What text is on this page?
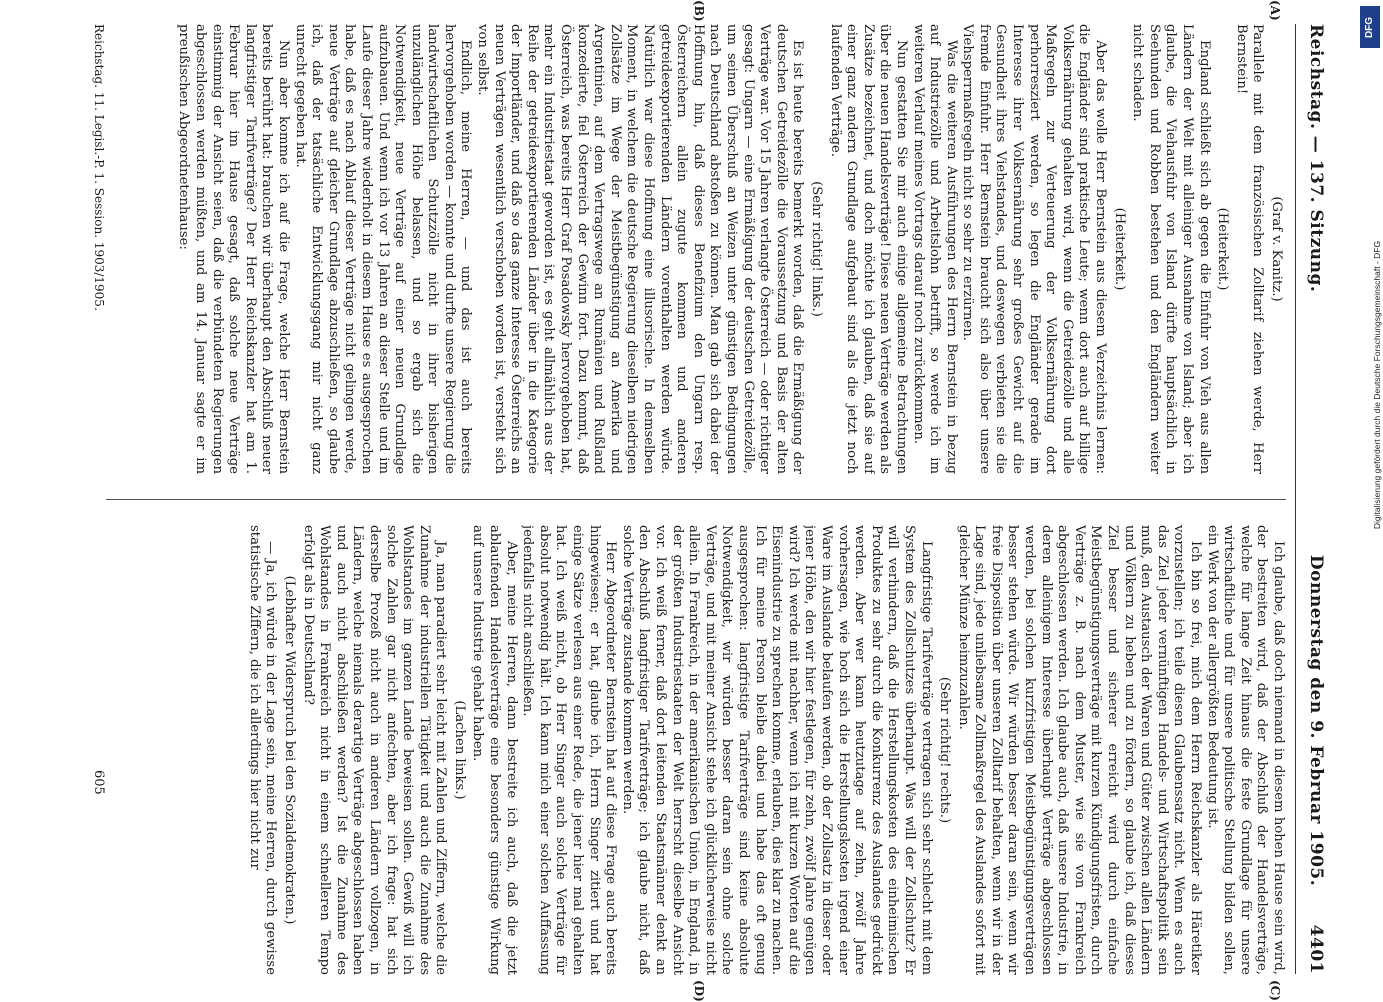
DFG
Digitalisierung gefördert durch die Deutsche Forschungsgemeinschaft - DFG
Reichstag. — 137. Sitzung.
Donnerstag den 9. Februar 1905.      4401
(A)
(B)
(C)
(D)

(Graf v. Kanitz.)

Parallele mit dem französischen Zolltarif ziehen werde, Herr Bernstein!

(Heiterkeit.)

England schließt sich ab gegen die Einfuhr von Vieh aus allen Ländern der Welt mit alleiniger Ausnahme von Island; aber ich glaube, die Viehausfuhr von Island dürfte hauptsächlich in Seehunden und Robben bestehen und den Engländern weiter nicht schaden.

(Heiterkeit.)

Aber das wolle Herr Bernstein aus diesem Verzeichnis lernen: die Engländer sind praktische Leute; wenn dort auch auf billige Volksernährung gehalten wird, wenn die Getreidezölle und alle Maßregeln zur Verteuerung der Volksernährung dort perhorresziert werden, so legen die Engländer gerade im Interesse ihrer Volksernährung sehr großes Gewicht auf die Gesundheit ihres Viehstandes, und deswegen verbieten sie die fremde Einfuhr. Herr Bernstein braucht sich also über unsere Viehsperrmaßregeln nicht so sehr zu erzürnen.

Was die weiteren Ausführungen des Herrn Bernstein in bezug auf Industriezölle und Arbeitslohn betrifft, so werde ich im weiteren Verlauf meines Vortrags darauf noch zurückkommen.

Nun gestatten Sie mir auch einige allgemeine Betrachtungen über die neuen Handelsverträge! Diese neuen Verträge werden als Zusätze bezeichnet, und doch möchte ich glauben, daß sie auf einer ganz andern Grundlage aufgebaut sind als die jetzt noch laufenden Verträge.

(Sehr richtig! links.)

Es ist heute bereits bemerkt worden, daß die Ermäßigung der deutschen Getreidezölle die Voraussetzung und Basis der alten Verträge war. Vor 15 Jahren verlangte Österreich — oder richtiger gesagt: Ungarn — eine Ermäßigung der deutschen Getreidezölle, um seinen Überschuß an Weizen unter günstigen Bedingungen nach Deutschland abstoßen zu können. Man gab sich dabei der Hoffnung hin, daß dieses Benefizium den Ungarn resp. Österreichern allein zugute kommen und anderen getreideexportierenden Ländern vorenthalten werden würde. Natürlich war diese Hoffnung eine illusorische. In demselben Moment, in welchem die deutsche Regierung dieselben niedrigen Zollsätze im Wege der Meistbegünstigung an Amerika und Argentinien, auf dem Vertragswege an Rumänien und Rußland konzedierte, fiel Österreich der Gewinn fort. Dazu kommt, daß Österreich, was bereits Herr Graf Posadowsky hervorgehoben hat, mehr ein Industriestaat geworden ist, es geht allmählich aus der Reihe der getreideexportierenden Länder über in die Kategorie der Importländer, und daß so das ganze Interesse Österreichs an neuen Verträgen wesentlich verschoben worden ist, versteht sich von selbst.

Endlich, meine Herren, — und das ist auch bereits hervorgehoben worden — konnte und durfte unsere Regierung die landwirtschaftlichen Schutzzölle nicht in ihrer bisherigen unzulänglichen Höhe belassen, und so ergab sich die Notwendigkeit, neue Verträge auf einer neuen Grundlage aufzubauen. Und wenn ich vor 13 Jahren an dieser Stelle und im Laufe dieser Jahre wiederholt in diesem Hause es ausgesprochen habe, daß es nach Ablauf dieser Verträge nicht gelingen werde, neue Verträge auf gleicher Grundlage abzuschließen, so glaube ich, daß der tatsächliche Entwicklungsgang mir nicht ganz unrecht gegeben hat.

Nun aber komme ich auf die Frage, welche Herr Bernstein bereits berührt hat: brauchen wir überhaupt den Abschluß neuer langfristiger Tarifverträge? Der Herr Reichskanzler hat am 1. Februar hier im Hause gesagt, daß solche neue Verträge einstimmig der Ansicht seien, daß die verbündeten Regierungen abgeschlossen werden müßten, und am 14. Januar sagte er im preußischen Abgeordnetenhause:

Ich glaube, daß doch niemand in diesem hohen Hause sein wird, der bestreiten wird, daß der Abschluß der Handelsverträge, welche für lange Zeit hinaus die feste Grundlage für unsere wirtschaftliche und für unsere politische Stellung bilden sollen, ein Werk von der allergrößten Bedeutung ist.

Ich bin so frei, mich dem Herrn Reichskanzler als Häretiker vorzustellen; ich teile diesen Glaubenssatz nicht. Wenn es auch das Ziel jeder vernünftigen Handels- und Wirtschaftspolitik sein muß, den Austausch der Waren und Güter zwischen allen Ländern und Völkern zu heben und zu fördern, so glaube ich, daß dieses Ziel besser und sicherer erreicht wird durch einfache Meistbegünstigungsverträge mit kurzen Kündigungsfristen, durch Verträge z. B. nach dem Muster, wie sie von Frankreich abgeschlossen werden. Ich glaube auch, daß unsere Industrie, in deren alleinigem Interesse überhaupt Verträge abgeschlossen werden, bei solchen kurzfristigen Meistbegünstigungsverträgen besser stehen würde. Wir würden besser daran sein, wenn wir freie Disposition über unseren Zolltarif behalten, wenn wir in der Lage sind, jede unliebsame Zollmaßregel des Auslandes sofort mit gleicher Münze heimzuzahlen.

(Sehr richtig! rechts.)

Langfristige Tarifverträge vertragen sich sehr schlecht mit dem System des Zollschutzes überhaupt. Was will der Zollschutz? Er will verhindern, daß die Herstellungskosten des einheimischen Produktes zu sehr durch die Konkurrenz des Auslandes gedrückt werden. Aber wer kann heutzutage auf zehn, zwölf Jahre vorhersagen, wie hoch sich die Herstellungskosten irgend einer Ware im Auslande belaufen werden, ob der Zollsatz in dieser oder jener Höhe, den wir hier festlegen, für zehn, zwölf Jahre genügen wird? Ich werde mit nachher, wenn ich mit kurzen Worten auf die Eisenindustrie zu sprechen komme, erlauben, dies klar zu machen. Ich für meine Person bleibe dabei und habe das oft genug ausgesprochen: langfristige Tarifverträge sind keine absolute Notwendigkeit, wir würden besser daran sein ohne solche Verträge, und mit meiner Ansicht stehe ich glücklicherweise nicht allein. In Frankreich, in der amerikanischen Union, in England, in der größten Industriestaaten der Welt herrscht dieselbe Ansicht vor. Ich weiß ferner, daß dort leitenden Staatsmänner denkt an den Abschluß langfristiger Tarifverträge; ich glaube nicht, daß solche Verträge zustande kommen werden.

Herr Abgeordneter Bernstein hat auf diese Frage auch bereits hingewiesen; er hat, glaube ich, Herrn Singer zitiert und hat einige Sätze verlesen aus einer Rede, die jener hier mal gehalten hat. Ich weiß nicht, ob Herr Singer auch solche Verträge für absolut notwendig hält. Ich kann mich einer solchen Auffassung jedenfalls nicht anschließen.

Aber, meine Herren, dann bestreite ich auch, daß die jetzt ablaufenden Handelsverträge eine besonders günstige Wirkung auf unsere Industrie gehabt haben.

(Lachen links.)

Ja, man paradiert sehr leicht mit Zahlen und Ziffern, welche die Zunahme der industriellen Tätigkeit und auch die Zunahme des Wohlstandes im ganzen Lande beweisen sollen. Gewiß will ich solche Zahlen gar nicht anfechten, aber ich frage: hat sich derselbe Prozeß nicht auch in anderen Ländern vollzogen, in Ländern, welche niemals derartige Verträge abgeschlossen haben und auch nicht abschließen werden? Ist die Zunahme des Wohlstandes in Frankreich nicht in einem schnelleren Tempo erfolgt als in Deutschland?

(Lebhafter Widerspruch bei den Sozialdemokraten.)

— Ja, ich würde in der Lage sein, meine Herren, durch gewisse statistische Ziffern, die ich allerdings hier nicht zur

Reichstag. 11. Legisl.-P. 1. Session. 1903/1905.
605
